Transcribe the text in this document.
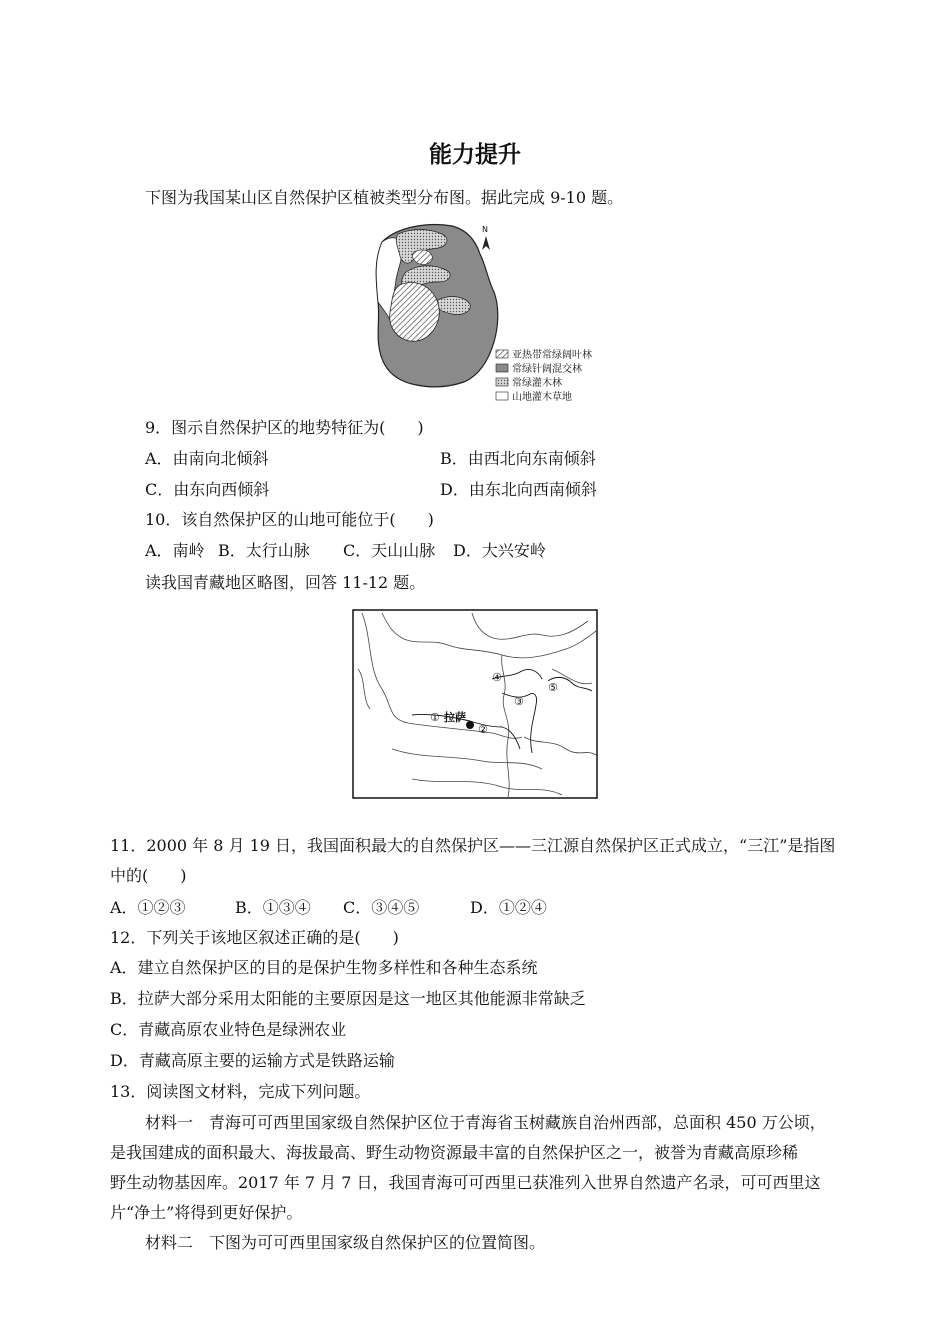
能力提升
下图为我国某山区自然保护区植被类型分布图。据此完成 9-10 题。
N
亚热带常绿阔叶林
常绿针阔混交林
常绿灌木林
山地灌木草地
9．图示自然保护区的地势特征为(　　)
A．由南向北倾斜	B．由西北向东南倾斜
C．由东向西倾斜	D．由东北向西南倾斜
10．该自然保护区的山地可能位于(　　)
A．南岭 B．太行山脉 C．天山山脉 D．大兴安岭
读我国青藏地区略图，回答 11-12 题。
① 拉萨
②
③
④
⑤
11．2000 年 8 月 19 日，我国面积最大的自然保护区——三江源自然保护区正式成立，“三江”是指图
中的(　　)
A．①②③	B．①③④ C．③④⑤	D．①②④
12．下列关于该地区叙述正确的是(　　)
A．建立自然保护区的目的是保护生物多样性和各种生态系统
B．拉萨大部分采用太阳能的主要原因是这一地区其他能源非常缺乏
C．青藏高原农业特色是绿洲农业
D．青藏高原主要的运输方式是铁路运输
13．阅读图文材料，完成下列问题。
材料一　青海可可西里国家级自然保护区位于青海省玉树藏族自治州西部，总面积 450 万公顷，
是我国建成的面积最大、海拔最高、野生动物资源最丰富的自然保护区之一，被誉为青藏高原珍稀
野生动物基因库。2017 年 7 月 7 日，我国青海可可西里已获准列入世界自然遗产名录，可可西里这
片“净土”将得到更好保护。
材料二　下图为可可西里国家级自然保护区的位置简图。
